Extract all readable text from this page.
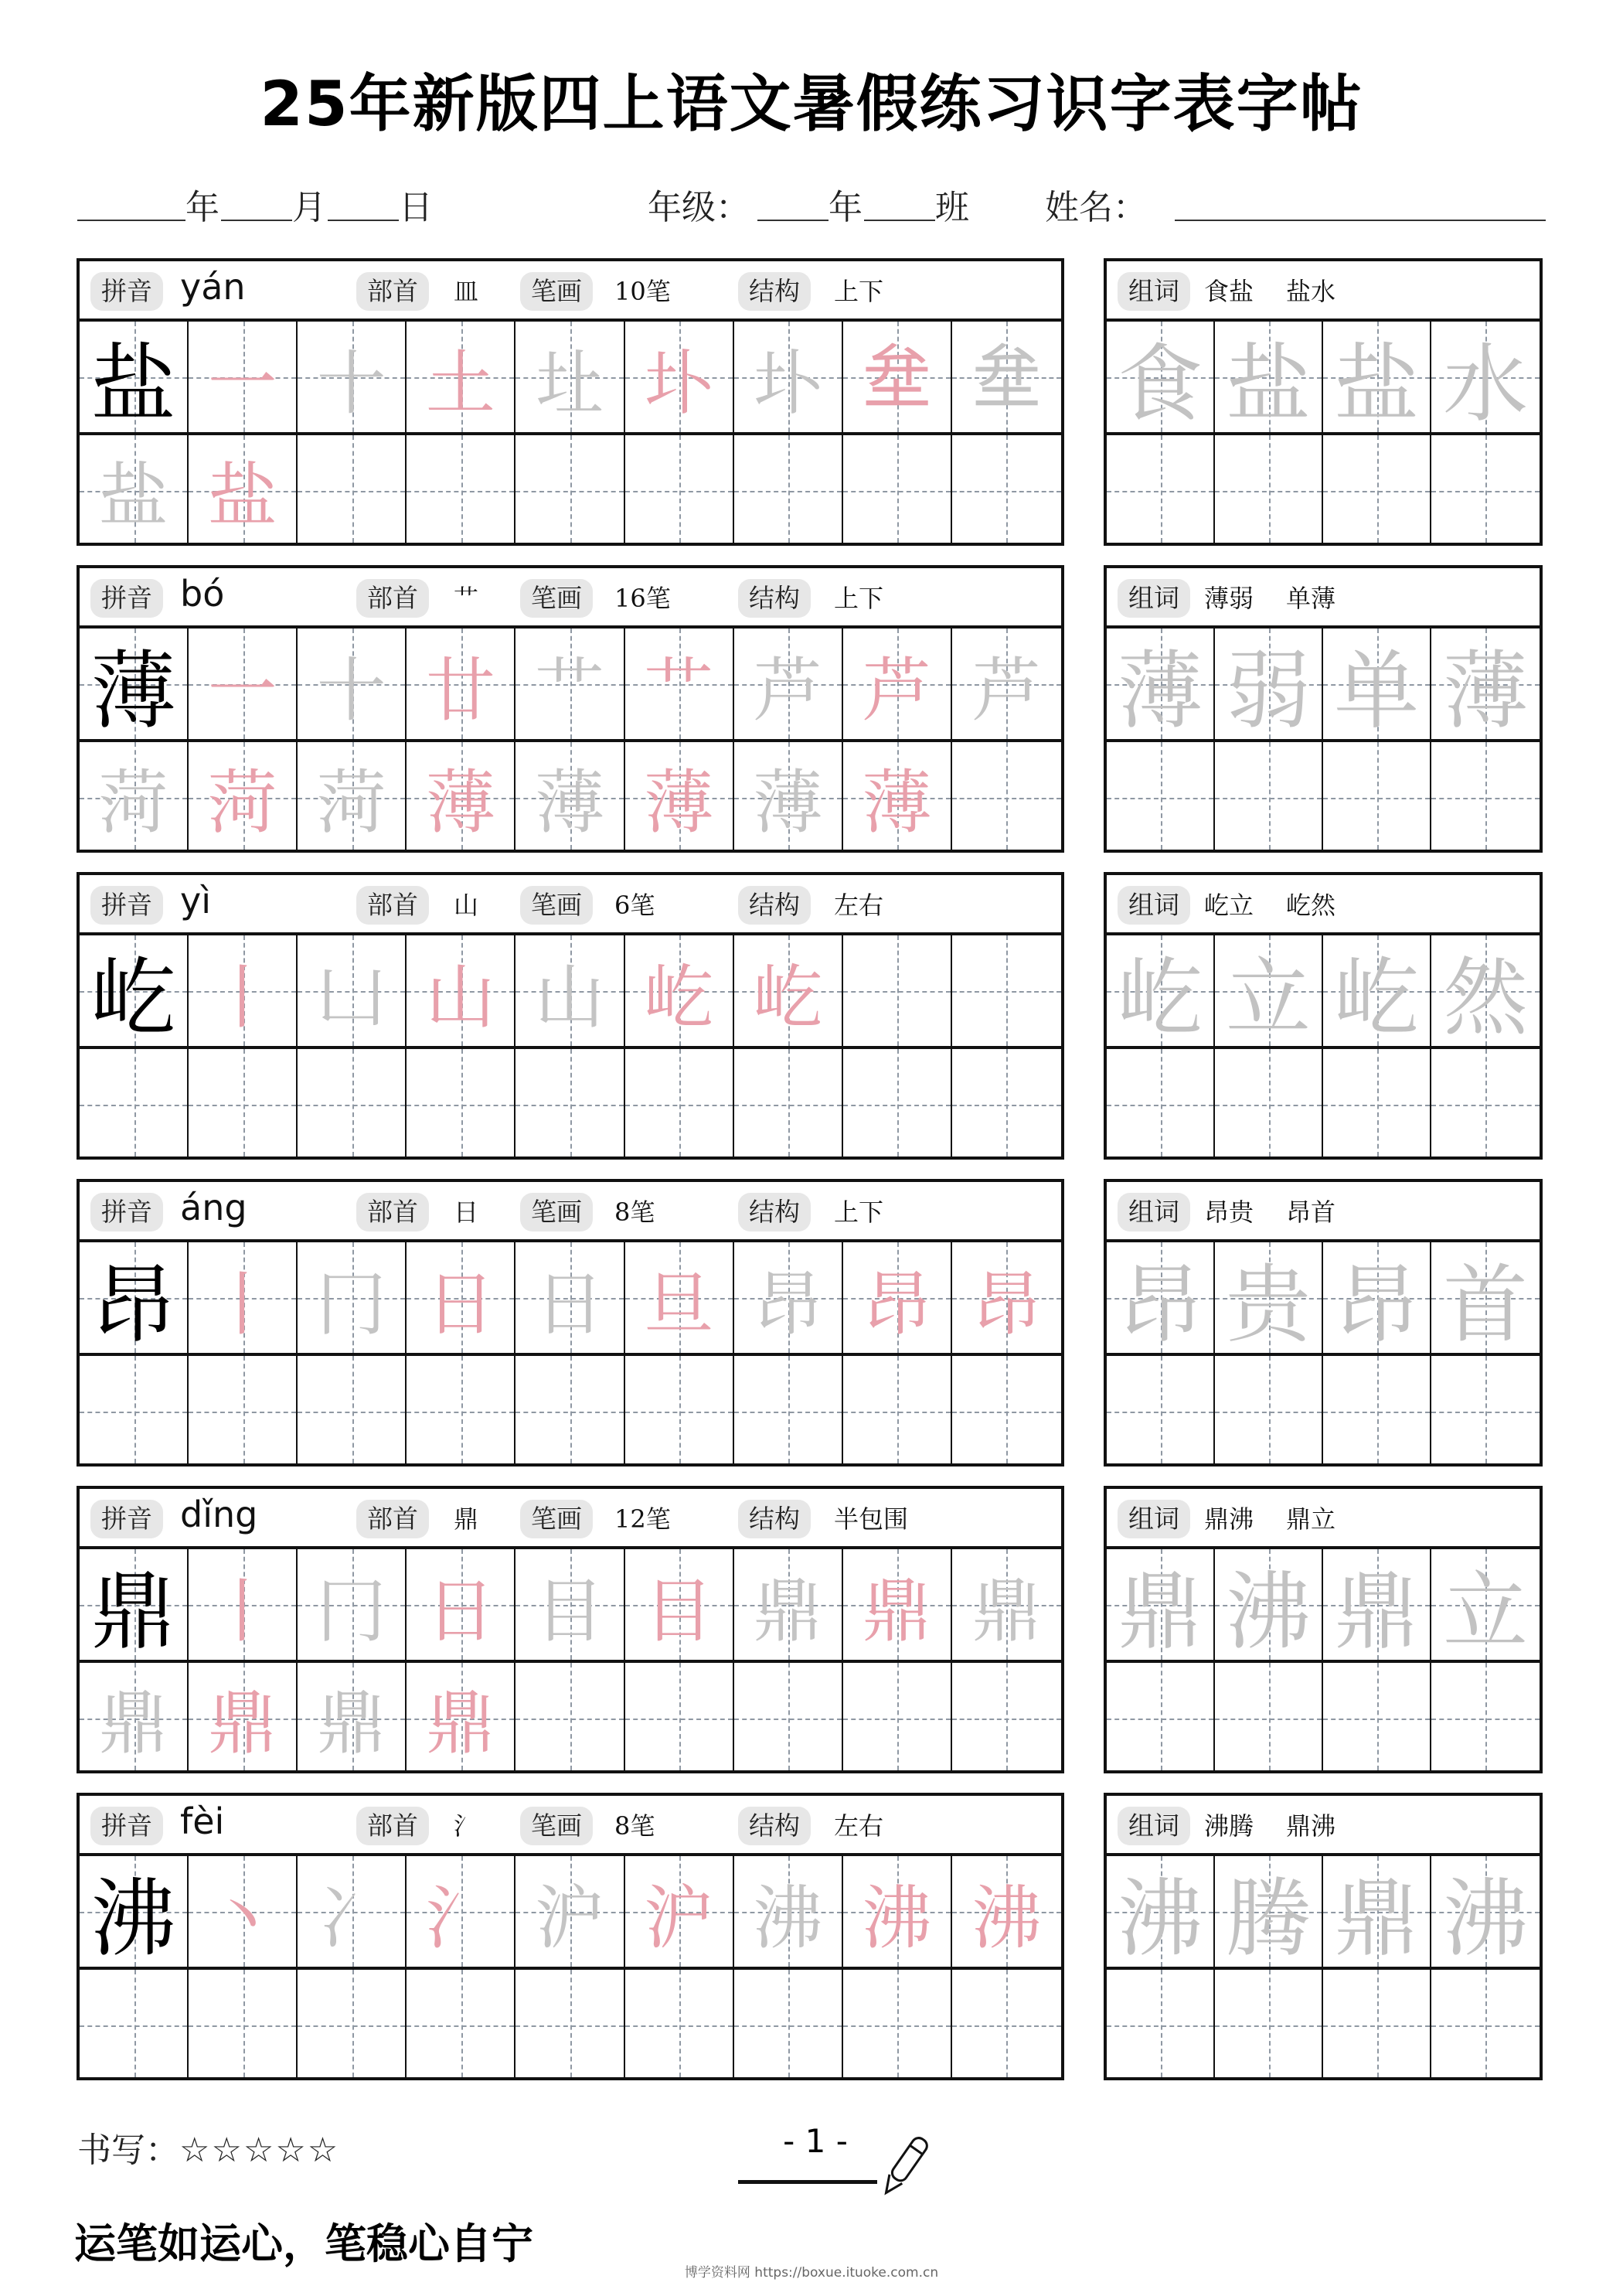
25年新版四上语文暑假练习识字表字帖
年 月 日	年级： 年 班 姓名：
拼音 yán	部首	皿	笔画	10笔	结构	上下
盐 一 十 土 圵 圤 圤 𡊅 𡊅
盐 盐
组词	食盐 盐水
食 盐 盐 水
拼音 bó	部首	艹	笔画	16笔	结构	上下
薄 一 十 廿 艹 艹 芦 芦 芦
菏 菏 菏 薄 薄 薄 薄 薄
组词	薄弱 单薄
薄 弱 单 薄
拼音 yì	部首	山	笔画	6笔	结构	左右
屹 丨 凵 山 山 屹 屹
组词	屹立 屹然
屹 立 屹 然
拼音 áng	部首	日	笔画	8笔	结构	上下
昂 丨 冂 日 日 旦 昂 昂 昂
组词	昂贵 昂首
昂 贵 昂 首
拼音 dǐng	部首	鼎	笔画	12笔	结构	半包围
鼎 丨 冂 日 目 目 鼎 鼎 鼎
鼎 鼎 鼎 鼎
组词	鼎沸 鼎立
鼎 沸 鼎 立
拼音 fèi	部首	氵	笔画	8笔	结构	左右
沸 丶 冫 氵 沪 沪 沸 沸 沸
组词	沸腾 鼎沸
沸 腾 鼎 沸
书写：☆☆☆☆☆	- 1 -
运笔如运心，笔稳心自宁
博学资料网 https://boxue.ituoke.com.cn
